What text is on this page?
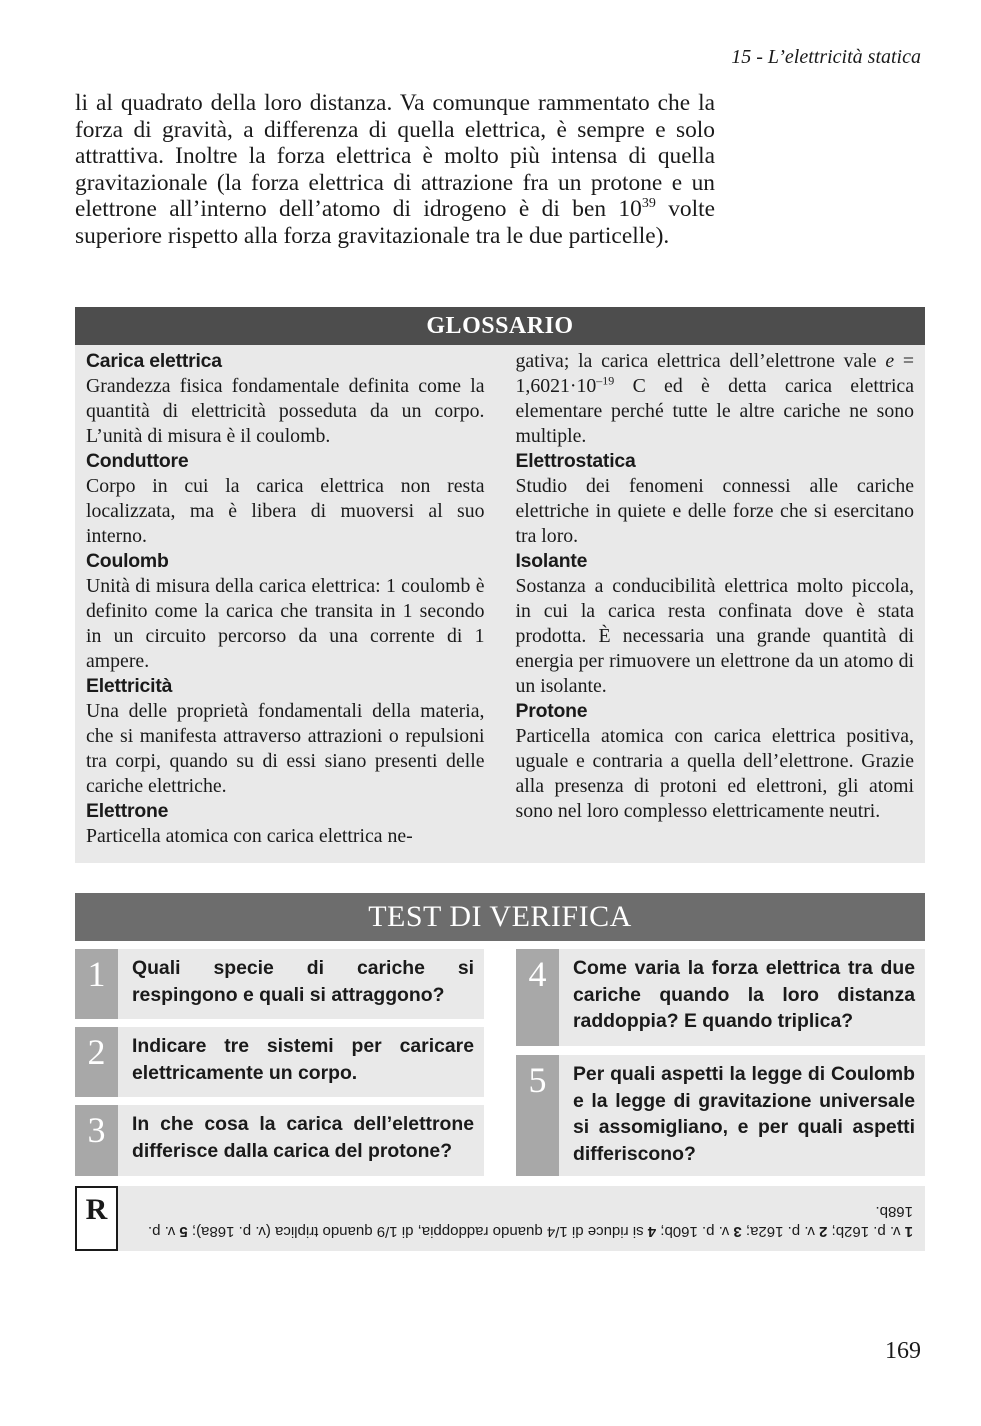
15 - L’elettricità statica

li al quadrato della loro distanza. Va comunque rammentato che la forza di gravità, a differenza di quella elettrica, è sempre e solo attrattiva. Inoltre la forza elettrica è molto più intensa di quella gravitazionale (la forza elettrica di attrazione fra un protone e un elettrone all’interno dell’atomo di idrogeno è di ben $10^{39}$ volte superiore rispetto alla forza gravitazionale tra le due particelle).

GLOSSARIO
Carica elettrica
Grandezza fisica fondamentale definita come la quantità di elettricità posseduta da un corpo. L’unità di misura è il coulomb.
Conduttore
Corpo in cui la carica elettrica non resta localizzata, ma è libera di muoversi al suo interno.
Coulomb
Unità di misura della carica elettrica: 1 coulomb è definito come la carica che transita in 1 secondo in un circuito percorso da una corrente di 1 ampere.
Elettricità
Una delle proprietà fondamentali della materia, che si manifesta attraverso attrazioni o repulsioni tra corpi, quando su di essi siano presenti delle cariche elettriche.
Elettrone
Particella atomica con carica elettrica ne-
gativa; la carica elettrica dell’elettrone vale $e = 1,6021\cdot 10^{-19}$ C ed è detta carica elettrica elementare perché tutte le altre cariche ne sono multiple.
Elettrostatica
Studio dei fenomeni connessi alle cariche elettriche in quiete e delle forze che si esercitano tra loro.
Isolante
Sostanza a conducibilità elettrica molto piccola, in cui la carica resta confinata dove è stata prodotta. È necessaria una grande quantità di energia per rimuovere un elettrone da un atomo di un isolante.
Protone
Particella atomica con carica elettrica positiva, uguale e contraria a quella dell’elettrone. Grazie alla presenza di protoni ed elettroni, gli atomi sono nel loro complesso elettricamente neutri.
TEST DI VERIFICA
1	Quali specie di cariche si respingono e quali si attraggono?
2	Indicare tre sistemi per caricare elettricamente un corpo.
3	In che cosa la carica dell’elettrone differisce dalla carica del protone?
4	Come varia la forza elettrica tra due cariche quando la loro distanza raddoppia? E quando triplica?
5	Per quali aspetti la legge di Coulomb e la legge di gravitazione universale si assomigliano, e per quali aspetti differiscono?
R
1 v. p. 162b; 2 v. p. 162a; 3 v. p. 160b; 4 si riduce di 1/4 quando raddoppia, di 1/9 quando triplica (v. p. 168a); 5 v. p. 168b.
169
